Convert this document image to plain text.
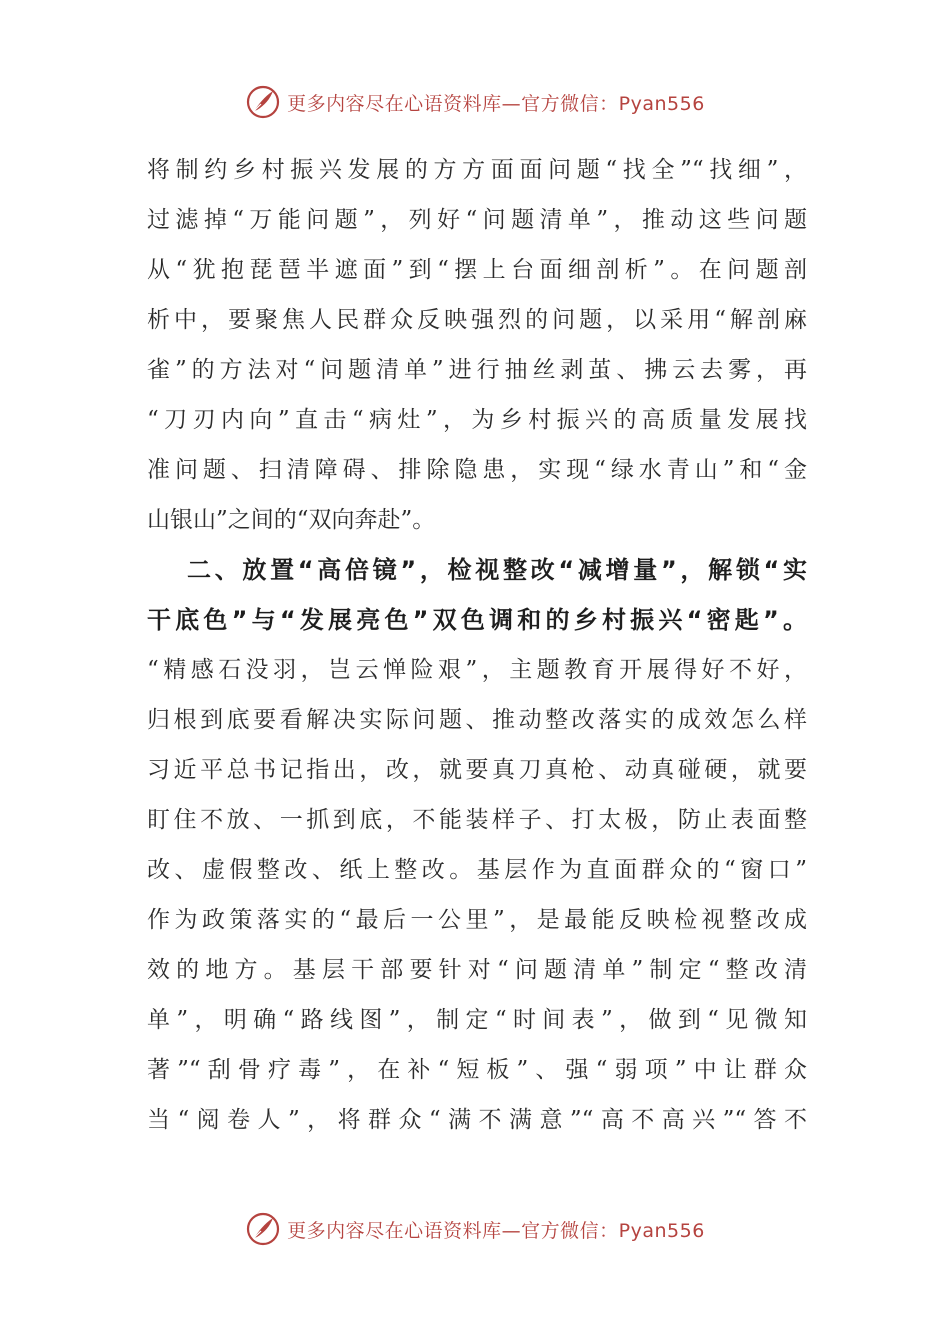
更多内容尽在心语资料库—官方微信：Pyan556
将制约乡村振兴发展的方方面面问题“找全”“找细”，
过滤掉“万能问题”，列好“问题清单”，推动这些问题
从“犹抱琵琶半遮面”到“摆上台面细剖析”。在问题剖
析中，要聚焦人民群众反映强烈的问题，以采用“解剖麻
雀”的方法对“问题清单”进行抽丝剥茧、拂云去雾，再
“刀刃内向”直击“病灶”，为乡村振兴的高质量发展找
准问题、扫清障碍、排除隐患，实现“绿水青山”和“金
山银山”之间的“双向奔赴”。
二、放置“高倍镜”，检视整改“减增量”，解锁“实
干底色”与“发展亮色”双色调和的乡村振兴“密匙”。
“精感石没羽，岂云惮险艰”，主题教育开展得好不好，
归根到底要看解决实际问题、推动整改落实的成效怎么样
习近平总书记指出，改，就要真刀真枪、动真碰硬，就要
盯住不放、一抓到底，不能装样子、打太极，防止表面整
改、虚假整改、纸上整改。基层作为直面群众的“窗口”
作为政策落实的“最后一公里”，是最能反映检视整改成
效的地方。基层干部要针对“问题清单”制定“整改清
单”，明确“路线图”，制定“时间表”，做到“见微知
著”“刮骨疗毒”，在补“短板”、强“弱项”中让群众
当“阅卷人”，将群众“满不满意”“高不高兴”“答不
更多内容尽在心语资料库—官方微信：Pyan556
